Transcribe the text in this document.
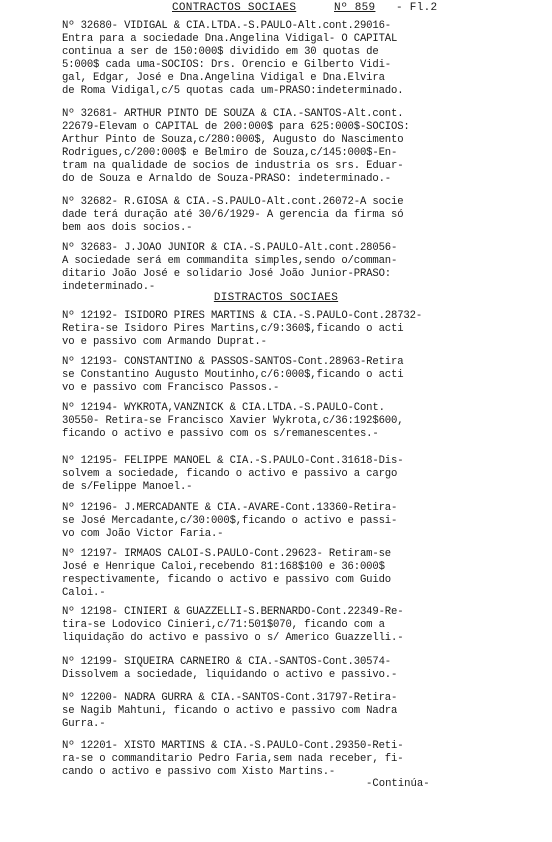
CONTRACTOS SOCIAES	Nº 859 - Fl.2
Nº 32680- VIDIGAL & CIA.LTDA.-S.PAULO-Alt.cont.29016-
Entra para a sociedade Dna.Angelina Vidigal- O CAPITAL
continua a ser de 150:000$ dividido em 30 quotas de
5:000$ cada uma-SOCIOS: Drs. Orencio e Gilberto Vidi-
gal, Edgar, José e Dna.Angelina Vidigal e Dna.Elvira
de Roma Vidigal,c/5 quotas cada um-PRASO:indeterminado.
Nº 32681- ARTHUR PINTO DE SOUZA & CIA.-SANTOS-Alt.cont.
22679-Elevam o CAPITAL de 200:000$ para 625:000$-SOCIOS:
Arthur Pinto de Souza,c/280:000$, Augusto do Nascimento
Rodrigues,c/200:000$ e Belmiro de Souza,c/145:000$-En-
tram na qualidade de socios de industria os srs. Eduar-
do de Souza e Arnaldo de Souza-PRASO: indeterminado.-
Nº 32682- R.GIOSA & CIA.-S.PAULO-Alt.cont.26072-A socie
dade terá duração até 30/6/1929- A gerencia da firma só
bem aos dois socios.-
Nº 32683- J.JOÃO JUNIOR & CIA.-S.PAULO-Alt.cont.28056-
A sociedade será em commandita simples,sendo o/comman-
ditario João José e solidario José João Junior-PRASO:
indeterminado.-
DISTRACTOS SOCIAES
Nº 12192- ISIDORO PIRES MARTINS & CIA.-S.PAULO-Cont.28732-
Retira-se Isidoro Pires Martins,c/9:360$,ficando o acti
vo e passivo com Armando Duprat.-
Nº 12193- CONSTANTINO & PASSOS-SANTOS-Cont.28963-Retira
se Constantino Augusto Moutinho,c/6:000$,ficando o acti
vo e passivo com Francisco Passos.-
Nº 12194- WYKROTA,VANZNICK & CIA.LTDA.-S.PAULO-Cont.
30550- Retira-se Francisco Xavier Wykrota,c/36:192$600,
ficando o activo e passivo com os s/remanescentes.-
Nº 12195- FELIPPE MANOEL & CIA.-S.PAULO-Cont.31618-Dis-
solvem a sociedade, ficando o activo e passivo a cargo
de s/Felippe Manoel.-
Nº 12196- J.MERCADANTE & CIA.-AVARÉ-Cont.13360-Retira-
se José Mercadante,c/30:000$,ficando o activo e passi-
vo com João Victor Faria.-
Nº 12197- IRMÃOS CALOI-S.PAULO-Cont.29623- Retiram-se
José e Henrique Caloi,recebendo 81:168$100 e 36:000$
respectivamente, ficando o activo e passivo com Guido
Caloi.-
Nº 12198- CINIERI & GUAZZELLI-S.BERNARDO-Cont.22349-Re-
tira-se Lodovico Cinieri,c/71:501$070, ficando com a
liquidação do activo e passivo o s/ Americo Guazzelli.-
Nº 12199- SIQUEIRA CARNEIRO & CIA.-SANTOS-Cont.30574-
Dissolvem a sociedade, liquidando o activo e passivo.-
Nº 12200- NADRA GURRA & CIA.-SANTOS-Cont.31797-Retira-
se Nagib Mahtuni, ficando o activo e passivo com Nadra
Gurra.-
Nº 12201- XISTO MARTINS & CIA.-S.PAULO-Cont.29350-Reti-
ra-se o commanditario Pedro Faria,sem nada receber, fi-
cando o activo e passivo com Xisto Martins.-
-Continúa-
